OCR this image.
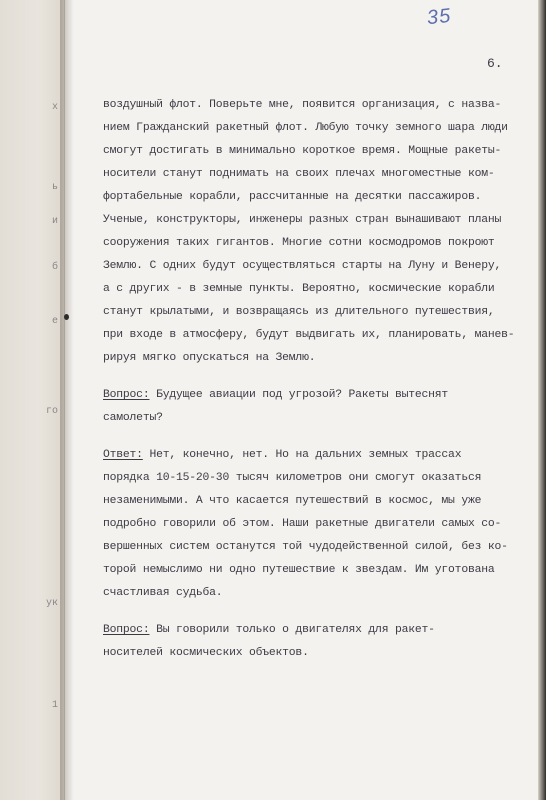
х
ь
и
б
е
го
ук
1
35
6.
воздушный флот. Поверьте мне, появится организация, с назва-
нием Гражданский ракетный флот. Любую точку земного шара люди
смогут достигать в минимально короткое время. Мощные ракеты-
носители станут поднимать на своих плечах многоместные ком-
фортабельные корабли, рассчитанные на десятки пассажиров.
Ученые, конструкторы, инженеры разных стран вынашивают планы
сооружения таких гигантов. Многие сотни космодромов покроют
Землю. С одних будут осуществляться старты на Луну и Венеру,
а с других - в земные пункты. Вероятно, космические корабли
станут крылатыми, и возвращаясь из длительного путешествия,
при входе в атмосферу, будут выдвигать их, планировать, манев-
рируя мягко опускаться на Землю.
Вопрос: Будущее авиации под угрозой? Ракеты вытеснят
самолеты?
Ответ: Нет, конечно, нет. Но на дальних земных трассах
порядка 10-15-20-30 тысяч километров они смогут оказаться
незаменимыми. А что касается путешествий в космос, мы уже
подробно говорили об этом. Наши ракетные двигатели самых со-
вершенных систем останутся той чудодейственной силой, без ко-
торой немыслимо ни одно путешествие к звездам. Им уготована
счастливая судьба.
Вопрос: Вы говорили только о двигателях для ракет-
носителей космических объектов.
